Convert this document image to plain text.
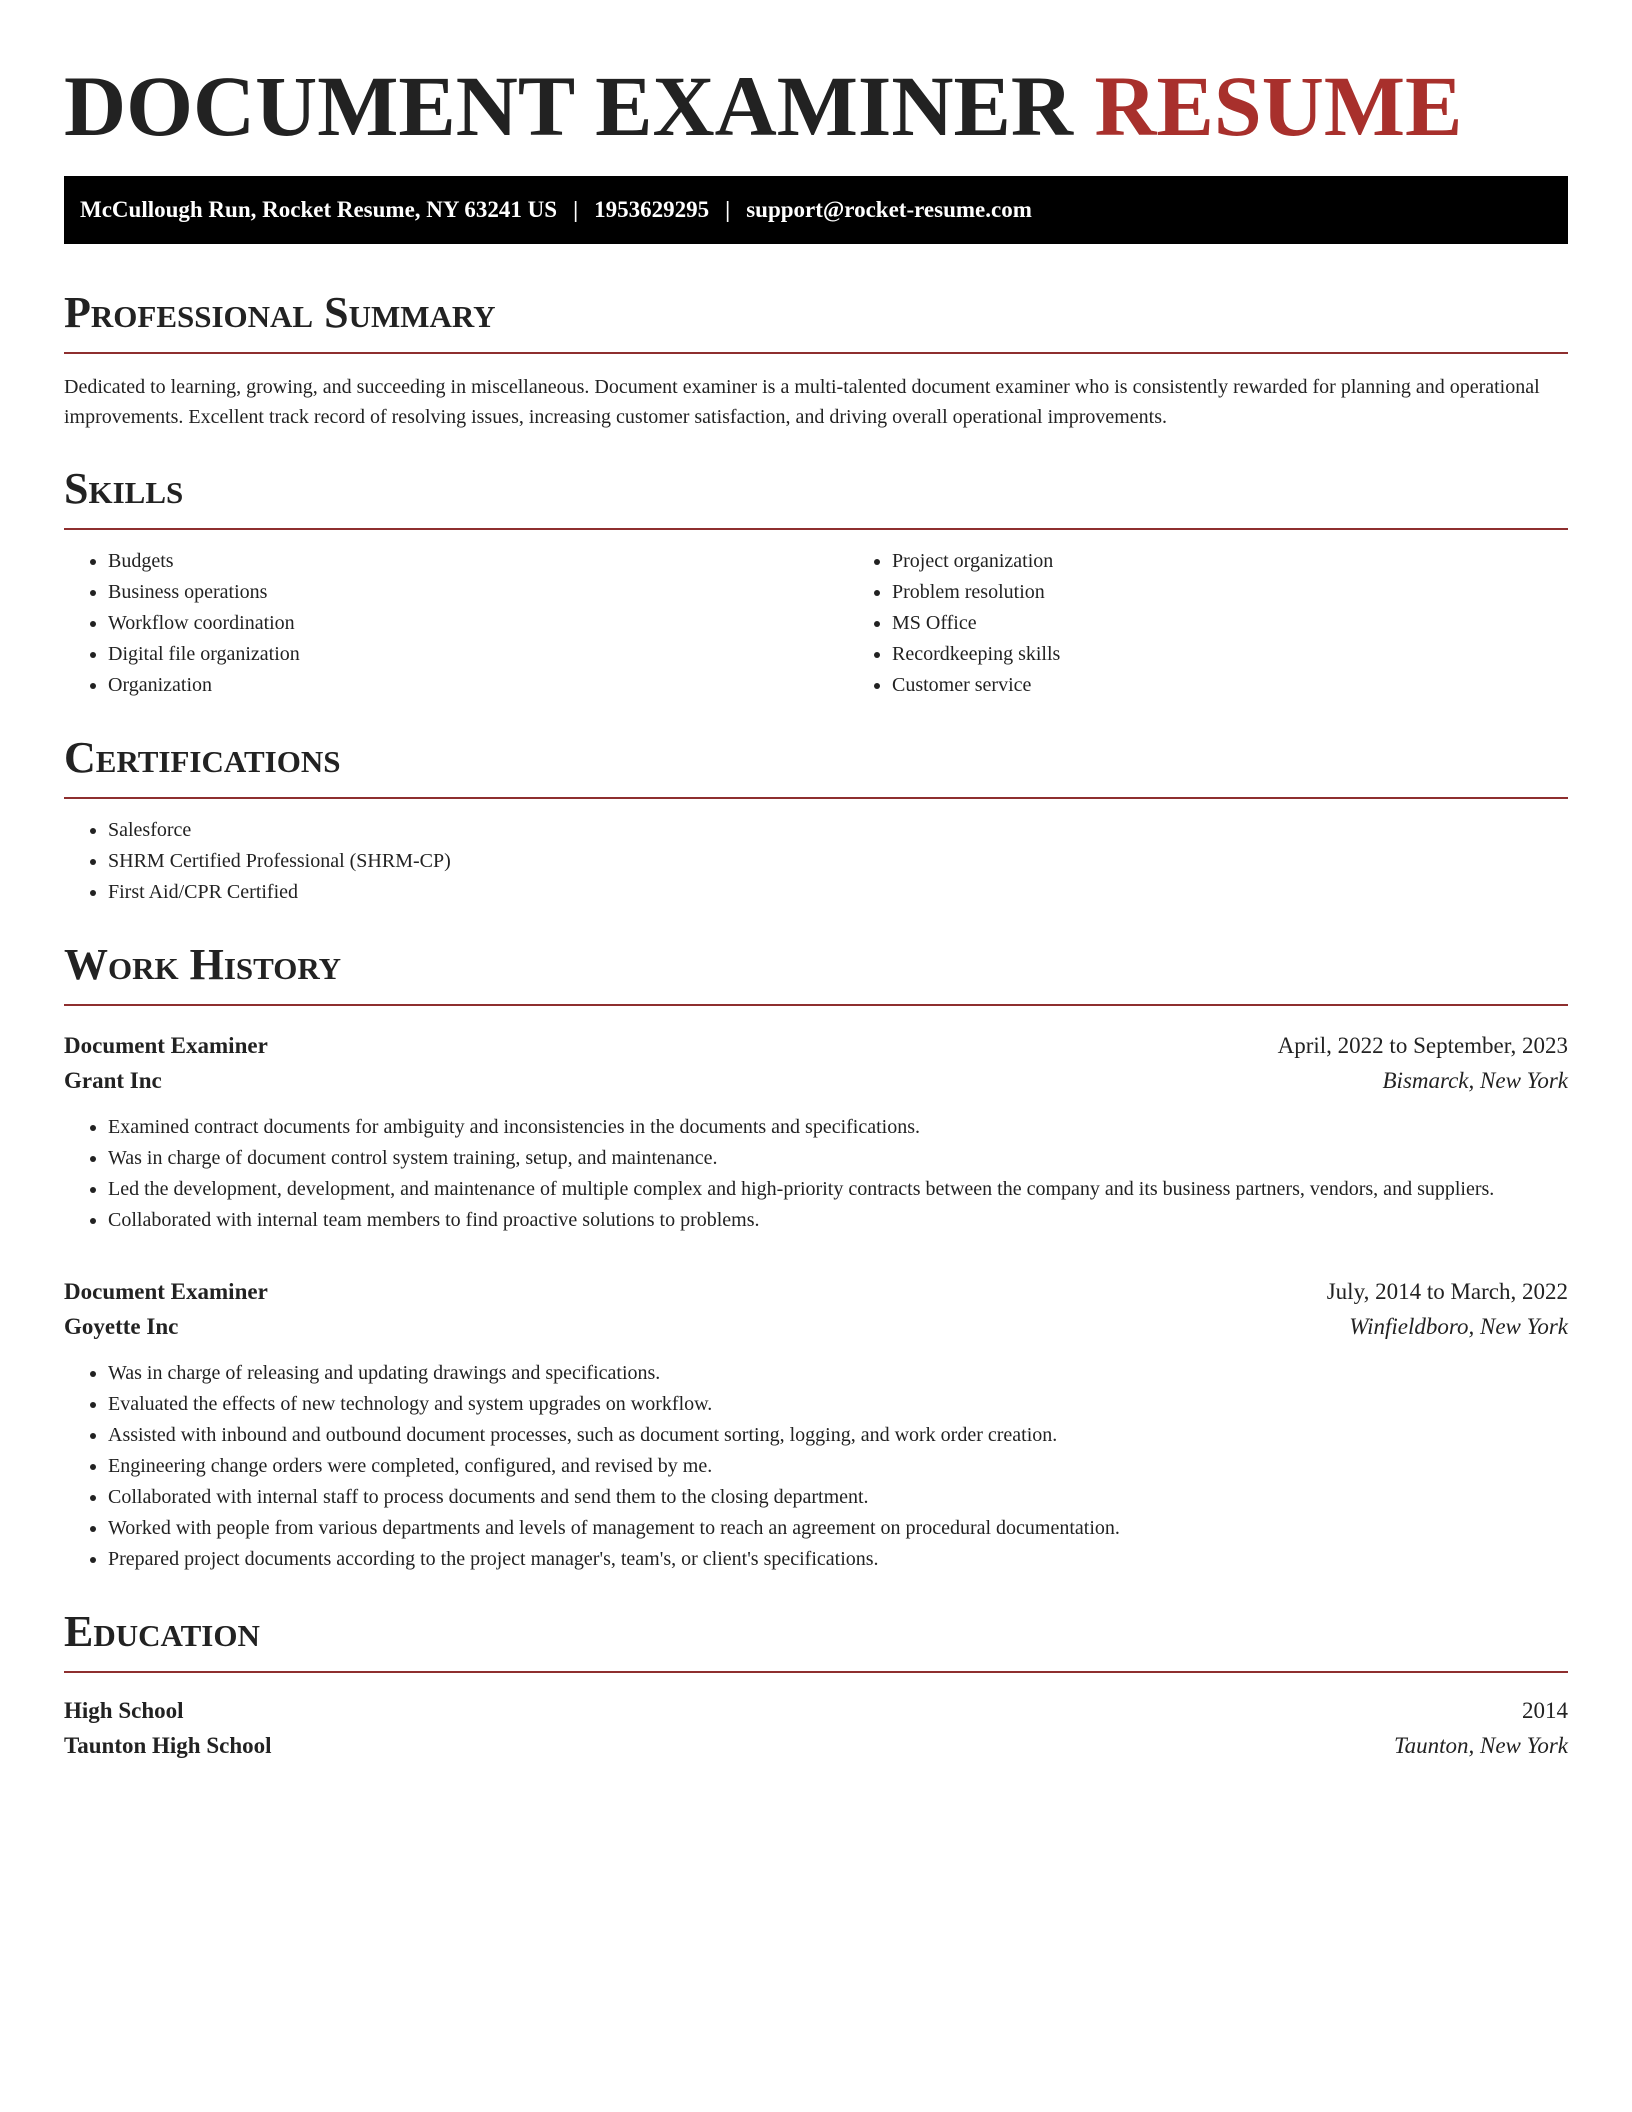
DOCUMENT EXAMINER RESUME
McCullough Run, Rocket Resume, NY 63241 US | 1953629295 | support@rocket-resume.com
Professional Summary

Dedicated to learning, growing, and succeeding in miscellaneous. Document examiner is a multi-talented document examiner who is consistently rewarded for planning and operational improvements. Excellent track record of resolving issues, increasing customer satisfaction, and driving overall operational improvements.

Skills
• Budgets
• Business operations
• Workflow coordination
• Digital file organization
• Organization
• Project organization
• Problem resolution
• MS Office
• Recordkeeping skills
• Customer service
Certifications
• Salesforce
• SHRM Certified Professional (SHRM-CP)
• First Aid/CPR Certified
Work History
Document Examiner	April, 2022 to September, 2023
Grant Inc	Bismarck, New York
• Examined contract documents for ambiguity and inconsistencies in the documents and specifications.
• Was in charge of document control system training, setup, and maintenance.
• Led the development, development, and maintenance of multiple complex and high-priority contracts between the company and its business partners, vendors, and suppliers.
• Collaborated with internal team members to find proactive solutions to problems.
Document Examiner	July, 2014 to March, 2022
Goyette Inc	Winfieldboro, New York
• Was in charge of releasing and updating drawings and specifications.
• Evaluated the effects of new technology and system upgrades on workflow.
• Assisted with inbound and outbound document processes, such as document sorting, logging, and work order creation.
• Engineering change orders were completed, configured, and revised by me.
• Collaborated with internal staff to process documents and send them to the closing department.
• Worked with people from various departments and levels of management to reach an agreement on procedural documentation.
• Prepared project documents according to the project manager's, team's, or client's specifications.
Education
High School	2014
Taunton High School	Taunton, New York
